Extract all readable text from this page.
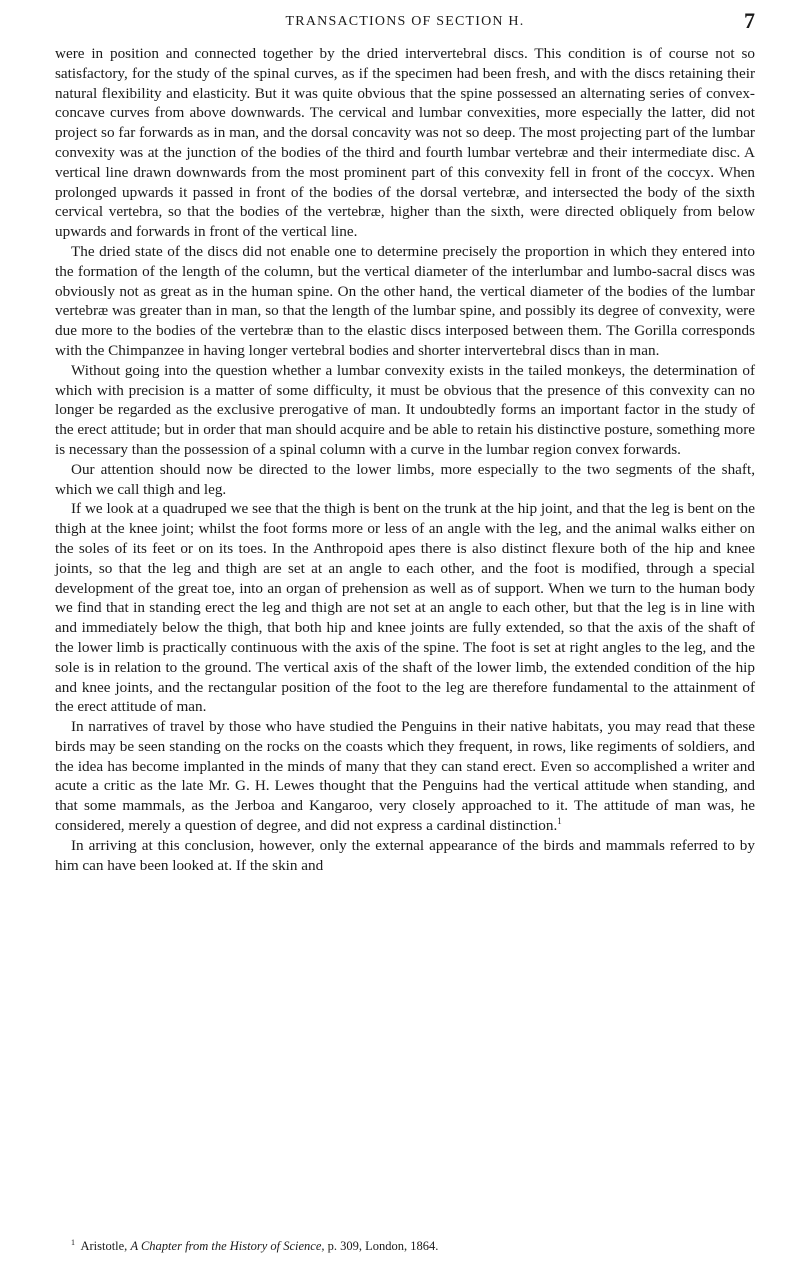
TRANSACTIONS OF SECTION H.	7

were in position and connected together by the dried intervertebral discs. This condition is of course not so satisfactory, for the study of the spinal curves, as if the specimen had been fresh, and with the discs retaining their natural flexibility and elasticity. But it was quite obvious that the spine possessed an alternating series of convex-concave curves from above downwards. The cervical and lumbar convexities, more especially the latter, did not project so far forwards as in man, and the dorsal concavity was not so deep. The most projecting part of the lumbar convexity was at the junction of the bodies of the third and fourth lumbar vertebræ and their intermediate disc. A vertical line drawn downwards from the most prominent part of this convexity fell in front of the coccyx. When prolonged upwards it passed in front of the bodies of the dorsal vertebræ, and intersected the body of the sixth cervical vertebra, so that the bodies of the vertebræ, higher than the sixth, were directed obliquely from below upwards and forwards in front of the vertical line.

The dried state of the discs did not enable one to determine precisely the proportion in which they entered into the formation of the length of the column, but the vertical diameter of the interlumbar and lumbo-sacral discs was obviously not as great as in the human spine. On the other hand, the vertical diameter of the bodies of the lumbar vertebræ was greater than in man, so that the length of the lumbar spine, and possibly its degree of convexity, were due more to the bodies of the vertebræ than to the elastic discs interposed between them. The Gorilla corresponds with the Chimpanzee in having longer vertebral bodies and shorter intervertebral discs than in man.

Without going into the question whether a lumbar convexity exists in the tailed monkeys, the determination of which with precision is a matter of some difficulty, it must be obvious that the presence of this convexity can no longer be regarded as the exclusive prerogative of man. It undoubtedly forms an important factor in the study of the erect attitude; but in order that man should acquire and be able to retain his distinctive posture, something more is necessary than the possession of a spinal column with a curve in the lumbar region convex forwards.

Our attention should now be directed to the lower limbs, more especially to the two segments of the shaft, which we call thigh and leg.

If we look at a quadruped we see that the thigh is bent on the trunk at the hip joint, and that the leg is bent on the thigh at the knee joint; whilst the foot forms more or less of an angle with the leg, and the animal walks either on the soles of its feet or on its toes. In the Anthropoid apes there is also distinct flexure both of the hip and knee joints, so that the leg and thigh are set at an angle to each other, and the foot is modified, through a special development of the great toe, into an organ of prehension as well as of support. When we turn to the human body we find that in standing erect the leg and thigh are not set at an angle to each other, but that the leg is in line with and immediately below the thigh, that both hip and knee joints are fully extended, so that the axis of the shaft of the lower limb is practically continuous with the axis of the spine. The foot is set at right angles to the leg, and the sole is in relation to the ground. The vertical axis of the shaft of the lower limb, the extended condition of the hip and knee joints, and the rectangular position of the foot to the leg are therefore fundamental to the attainment of the erect attitude of man.

In narratives of travel by those who have studied the Penguins in their native habitats, you may read that these birds may be seen standing on the rocks on the coasts which they frequent, in rows, like regiments of soldiers, and the idea has become implanted in the minds of many that they can stand erect. Even so accomplished a writer and acute a critic as the late Mr. G. H. Lewes thought that the Penguins had the vertical attitude when standing, and that some mammals, as the Jerboa and Kangaroo, very closely approached to it. The attitude of man was, he considered, merely a question of degree, and did not express a cardinal distinction.$^1$

In arriving at this conclusion, however, only the external appearance of the birds and mammals referred to by him can have been looked at. If the skin and

$^1$ Aristotle, A Chapter from the History of Science, p. 309, London, 1864.
